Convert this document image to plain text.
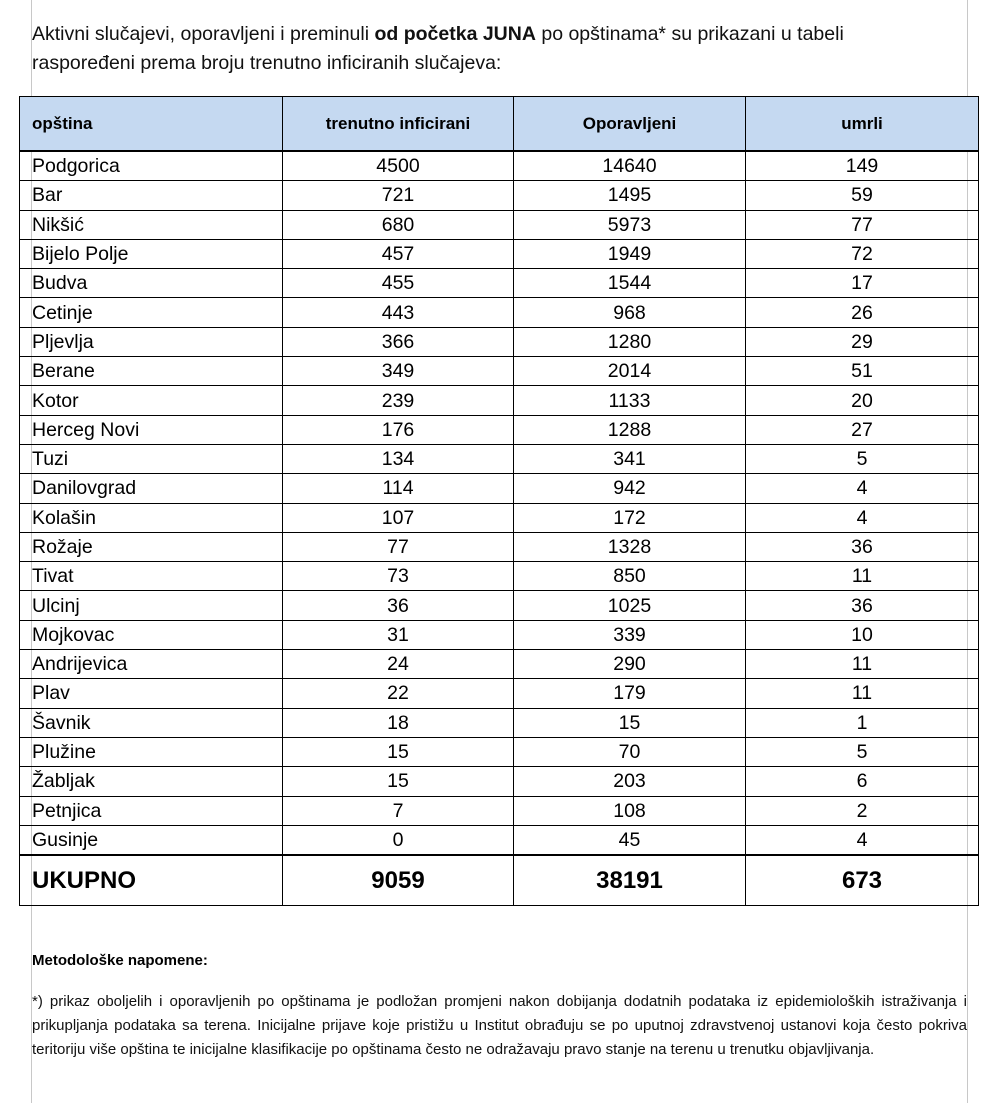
Aktivni slučajevi, oporavljeni i preminuli od početka JUNA po opštinama* su prikazani u tabeli raspoređeni prema broju trenutno inficiranih slučajeva:

opština	trenutno inficirani	Oporavljeni	umrli
Podgorica	4500	14640	149
Bar	721	1495	59
Nikšić	680	5973	77
Bijelo Polje	457	1949	72
Budva	455	1544	17
Cetinje	443	968	26
Pljevlja	366	1280	29
Berane	349	2014	51
Kotor	239	1133	20
Herceg Novi	176	1288	27
Tuzi	134	341	5
Danilovgrad	114	942	4
Kolašin	107	172	4
Rožaje	77	1328	36
Tivat	73	850	11
Ulcinj	36	1025	36
Mojkovac	31	339	10
Andrijevica	24	290	11
Plav	22	179	11
Šavnik	18	15	1
Plužine	15	70	5
Žabljak	15	203	6
Petnjica	7	108	2
Gusinje	0	45	4
UKUPNO	9059	38191	673
Metodološke napomene:
*) prikaz oboljelih i oporavljenih po opštinama je podložan promjeni nakon dobijanja dodatnih podataka iz epidemioloških istraživanja i prikupljanja podataka sa terena. Inicijalne prijave koje pristižu u Institut obrađuju se po uputnoj zdravstvenoj ustanovi koja često pokriva teritoriju više opština te inicijalne klasifikacije po opštinama često ne odražavaju pravo stanje na terenu u trenutku objavljivanja.
